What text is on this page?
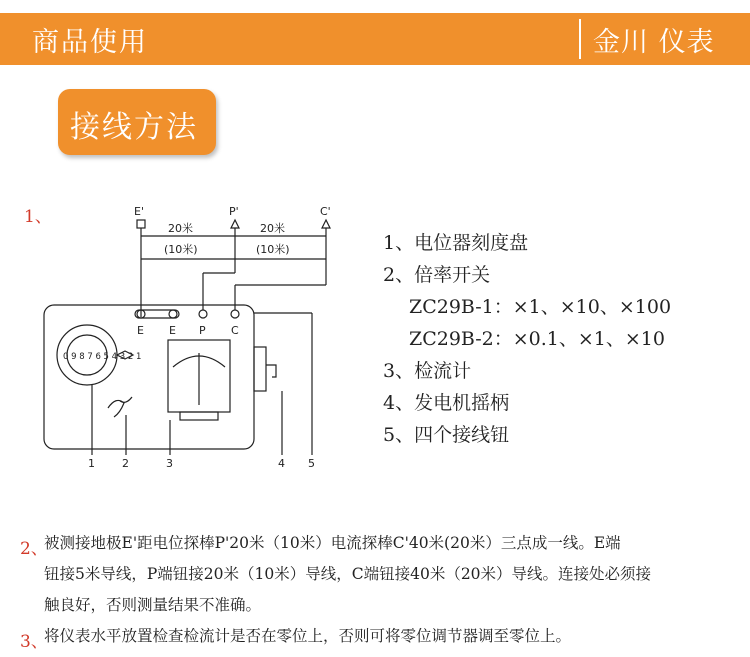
商品使用	金川 仪表
接线方法
1、	E'	P'	C'
20米	20米
(10米)	(10米)
E E P C
0 9 8 7 6 5 4 3 2 1
1 2	3	4 5
1、电位器刻度盘
2、倍率开关
ZC29B-1：×1、×10、×100
ZC29B-2：×0.1、×1、×10
3、检流计
4、发电机摇柄
5、四个接线钮
2、
被测接地极E'距电位探棒P'20米（10米）电流探棒C'40米(20米）三点成一线。E端
钮接5米导线，P端钮接20米（10米）导线，C端钮接40米（20米）导线。连接处必须接
触良好，否则测量结果不准确。
3、
将仪表水平放置检查检流计是否在零位上，否则可将零位调节器调至零位上。
